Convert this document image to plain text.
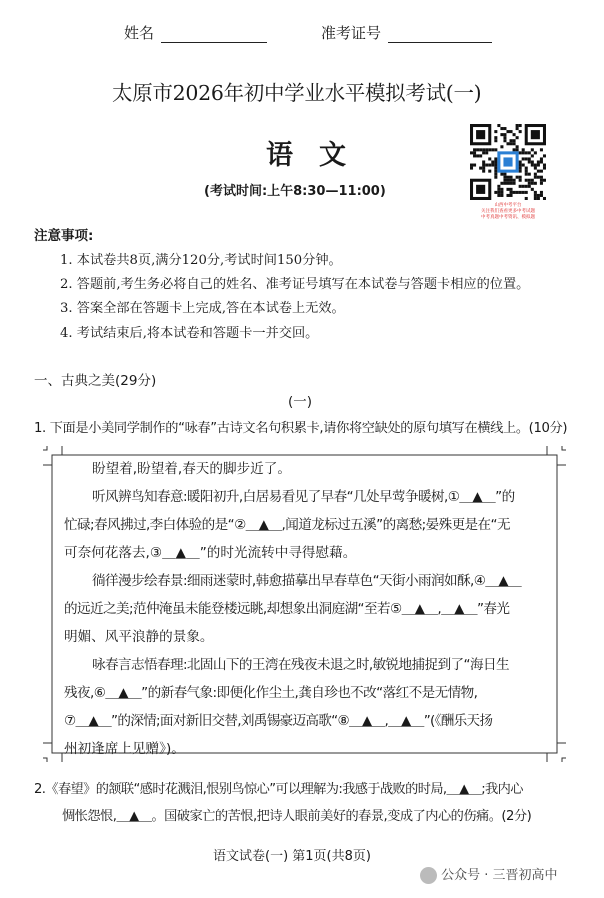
姓名	准考证号
太原市2026年初中学业水平模拟考试(一)
语文
(考试时间:上午8:30—11:00)
山西中考平台
关注我们查看更多中考试题
中考真题中考资讯、模拟题
注意事项:
1. 本试卷共8页,满分120分,考试时间150分钟。
2. 答题前,考生务必将自己的姓名、准考证号填写在本试卷与答题卡相应的位置。
3. 答案全部在答题卡上完成,答在本试卷上无效。
4. 考试结束后,将本试卷和答题卡一并交回。
一、古典之美(29分)
(一)
1. 下面是小美同学制作的“咏春”古诗文名句积累卡,请你将空缺处的原句填写在横线上。(10分)
盼望着,盼望着,春天的脚步近了。
听风辨鸟知春意:暖阳初升,白居易看见了早春“几处早莺争暖树,①＿▲＿”的
忙碌;春风拂过,李白体验的是“②＿▲＿,闻道龙标过五溪”的离愁;晏殊更是在“无
可奈何花落去,③＿▲＿”的时光流转中寻得慰藉。
徜徉漫步绘春景:细雨迷蒙时,韩愈描摹出早春草色“天街小雨润如酥,④＿▲＿
的远近之美;范仲淹虽未能登楼远眺,却想象出洞庭湖“至若⑤＿▲＿,＿▲＿”春光
明媚、风平浪静的景象。
咏春言志悟春理:北固山下的王湾在残夜未退之时,敏锐地捕捉到了“海日生
残夜,⑥＿▲＿”的新春气象:即便化作尘土,龚自珍也不改“落红不是无情物,
⑦＿▲＿”的深情;面对新旧交替,刘禹锡豪迈高歌“⑧＿▲＿,＿▲＿”(《酬乐天扬
州初逢席上见赠》)。
2.《春望》的颔联“感时花溅泪,恨别鸟惊心”可以理解为:我感于战败的时局,＿▲＿;我内心
惆怅怨恨,＿▲＿。国破家亡的苦恨,把诗人眼前美好的春景,变成了内心的伤痛。(2分)
语文试卷(一) 第1页(共8页)
公众号 · 三晋初高中
